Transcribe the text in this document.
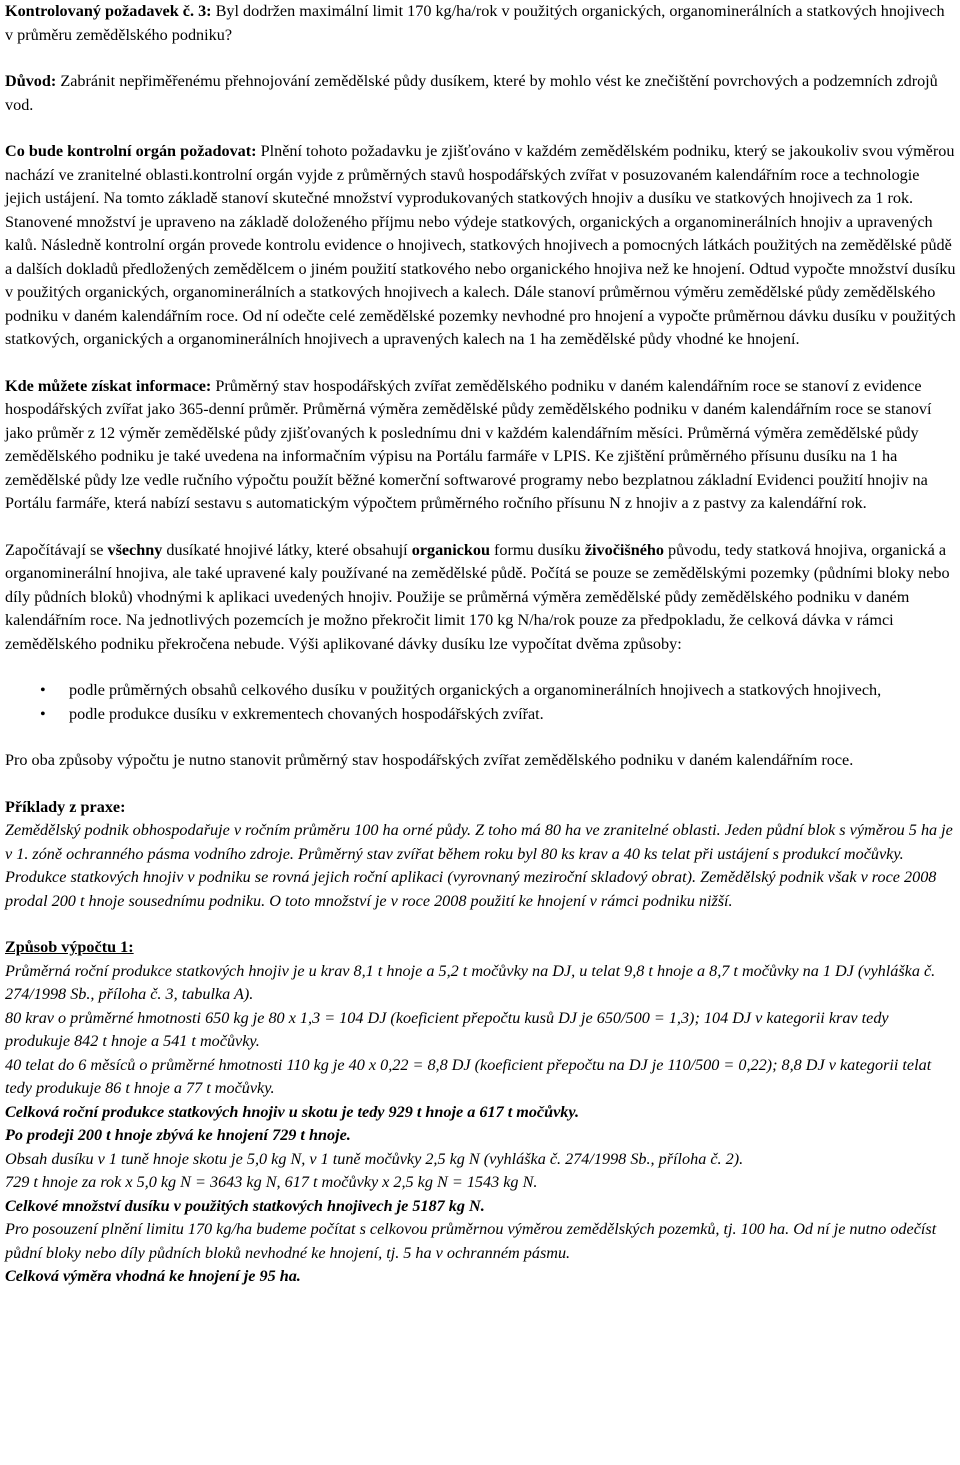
Kontrolovaný požadavek č. 3: Byl dodržen maximální limit 170 kg/ha/rok v použitých organických, organominerálních a statkových hnojivech v průměru zemědělského podniku?

Důvod: Zabránit nepřiměřenému přehnojování zemědělské půdy dusíkem, které by mohlo vést ke znečištění povrchových a podzemních zdrojů vod.

Co bude kontrolní orgán požadovat: Plnění tohoto požadavku je zjišťováno v každém zemědělském podniku, který se jakoukoliv svou výměrou nachází ve zranitelné oblasti.kontrolní orgán vyjde z průměrných stavů hospodářských zvířat v posuzovaném kalendářním roce a technologie jejich ustájení. Na tomto základě stanoví skutečné množství vyprodukovaných statkových hnojiv a dusíku ve statkových hnojivech za 1 rok. Stanovené množství je upraveno na základě doloženého příjmu nebo výdeje statkových, organických a organominerálních hnojiv a upravených kalů. Následně kontrolní orgán provede kontrolu evidence o hnojivech, statkových hnojivech a pomocných látkách použitých na zemědělské půdě a dalších dokladů předložených zemědělcem o jiném použití statkového nebo organického hnojiva než ke hnojení. Odtud vypočte množství dusíku v použitých organických, organominerálních a statkových hnojivech a kalech. Dále stanoví průměrnou výměru zemědělské půdy zemědělského podniku v daném kalendářním roce. Od ní odečte celé zemědělské pozemky nevhodné pro hnojení a vypočte průměrnou dávku dusíku v použitých statkových, organických a organominerálních hnojivech a upravených kalech na 1 ha zemědělské půdy vhodné ke hnojení.

Kde můžete získat informace: Průměrný stav hospodářských zvířat zemědělského podniku v daném kalendářním roce se stanoví z evidence hospodářských zvířat jako 365-denní průměr. Průměrná výměra zemědělské půdy zemědělského podniku v daném kalendářním roce se stanoví jako průměr z 12 výměr zemědělské půdy zjišťovaných k poslednímu dni v každém kalendářním měsíci. Průměrná výměra zemědělské půdy zemědělského podniku je také uvedena na informačním výpisu na Portálu farmáře v LPIS. Ke zjištění průměrného přísunu dusíku na 1 ha zemědělské půdy lze vedle ručního výpočtu použít běžné komerční softwarové programy nebo bezplatnou základní Evidenci použití hnojiv na Portálu farmáře, která nabízí sestavu s automatickým výpočtem průměrného ročního přísunu N z hnojiv a z pastvy za kalendářní rok.

Započítávají se všechny dusíkaté hnojivé látky, které obsahují organickou formu dusíku živočišného původu, tedy statková hnojiva, organická a organominerální hnojiva, ale také upravené kaly používané na zemědělské půdě. Počítá se pouze se zemědělskými pozemky (půdními bloky nebo díly půdních bloků) vhodnými k aplikaci uvedených hnojiv. Použije se průměrná výměra zemědělské půdy zemědělského podniku v daném kalendářním roce. Na jednotlivých pozemcích je možno překročit limit 170 kg N/ha/rok pouze za předpokladu, že celková dávka v rámci zemědělského podniku překročena nebude. Výši aplikované dávky dusíku lze vypočítat dvěma způsoby:

• podle průměrných obsahů celkového dusíku v použitých organických a organominerálních hnojivech a statkových hnojivech,
• podle produkce dusíku v exkrementech chovaných hospodářských zvířat.

Pro oba způsoby výpočtu je nutno stanovit průměrný stav hospodářských zvířat zemědělského podniku v daném kalendářním roce.

Příklady z praxe:

Zemědělský podnik obhospodařuje v ročním průměru 100 ha orné půdy. Z toho má 80 ha ve zranitelné oblasti. Jeden půdní blok s výměrou 5 ha je v 1. zóně ochranného pásma vodního zdroje. Průměrný stav zvířat během roku byl 80 ks krav a 40 ks telat při ustájení s produkcí močůvky. Produkce statkových hnojiv v podniku se rovná jejich roční aplikaci (vyrovnaný meziroční skladový obrat). Zemědělský podnik však v roce 2008 prodal 200 t hnoje sousednímu podniku. O toto množství je v roce 2008 použití ke hnojení v rámci podniku nižší.

Způsob výpočtu 1:

Průměrná roční produkce statkových hnojiv je u krav 8,1 t hnoje a 5,2 t močůvky na DJ, u telat 9,8 t hnoje a 8,7 t močůvky na 1 DJ (vyhláška č. 274/1998 Sb., příloha č. 3, tabulka A).

80 krav o průměrné hmotnosti 650 kg je 80 x 1,3 = 104 DJ (koeficient přepočtu kusů DJ je 650/500 = 1,3); 104 DJ v kategorii krav tedy produkuje 842 t hnoje a 541 t močůvky.

40 telat do 6 měsíců o průměrné hmotnosti 110 kg je 40 x 0,22 = 8,8 DJ (koeficient přepočtu na DJ je 110/500 = 0,22); 8,8 DJ v kategorii telat tedy produkuje 86 t hnoje a 77 t močůvky.

Celková roční produkce statkových hnojiv u skotu je tedy 929 t hnoje a 617 t močůvky.

Po prodeji 200 t hnoje zbývá ke hnojení 729 t hnoje.

Obsah dusíku v 1 tuně hnoje skotu je 5,0 kg N, v 1 tuně močůvky 2,5 kg N (vyhláška č. 274/1998 Sb., příloha č. 2).

729 t hnoje za rok x 5,0 kg N = 3643 kg N, 617 t močůvky x 2,5 kg N = 1543 kg N.

Celkové množství dusíku v použitých statkových hnojivech je 5187 kg N.

Pro posouzení plnění limitu 170 kg/ha budeme počítat s celkovou průměrnou výměrou zemědělských pozemků, tj. 100 ha. Od ní je nutno odečíst půdní bloky nebo díly půdních bloků nevhodné ke hnojení, tj. 5 ha v ochranném pásmu.

Celková výměra vhodná ke hnojení je 95 ha.
